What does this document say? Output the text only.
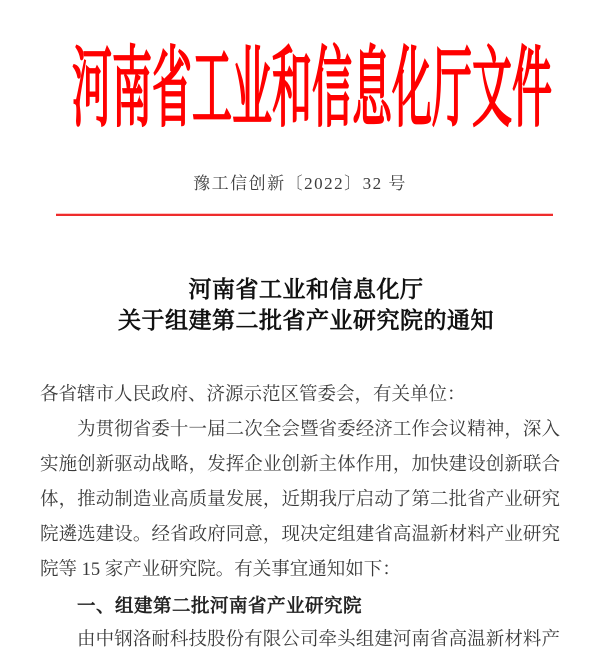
河南省工业和信息化厅文件
豫工信创新〔2022〕32 号
河南省工业和信息化厅
关于组建第二批省产业研究院的通知
各省辖市人民政府、济源示范区管委会，有关单位：
为贯彻省委十一届二次全会暨省委经济工作会议精神，深入
实施创新驱动战略，发挥企业创新主体作用，加快建设创新联合
体，推动制造业高质量发展，近期我厅启动了第二批省产业研究
院遴选建设。经省政府同意，现决定组建省高温新材料产业研究
院等 15 家产业研究院。有关事宜通知如下：
一、组建第二批河南省产业研究院
由中钢洛耐科技股份有限公司牵头组建河南省高温新材料产
